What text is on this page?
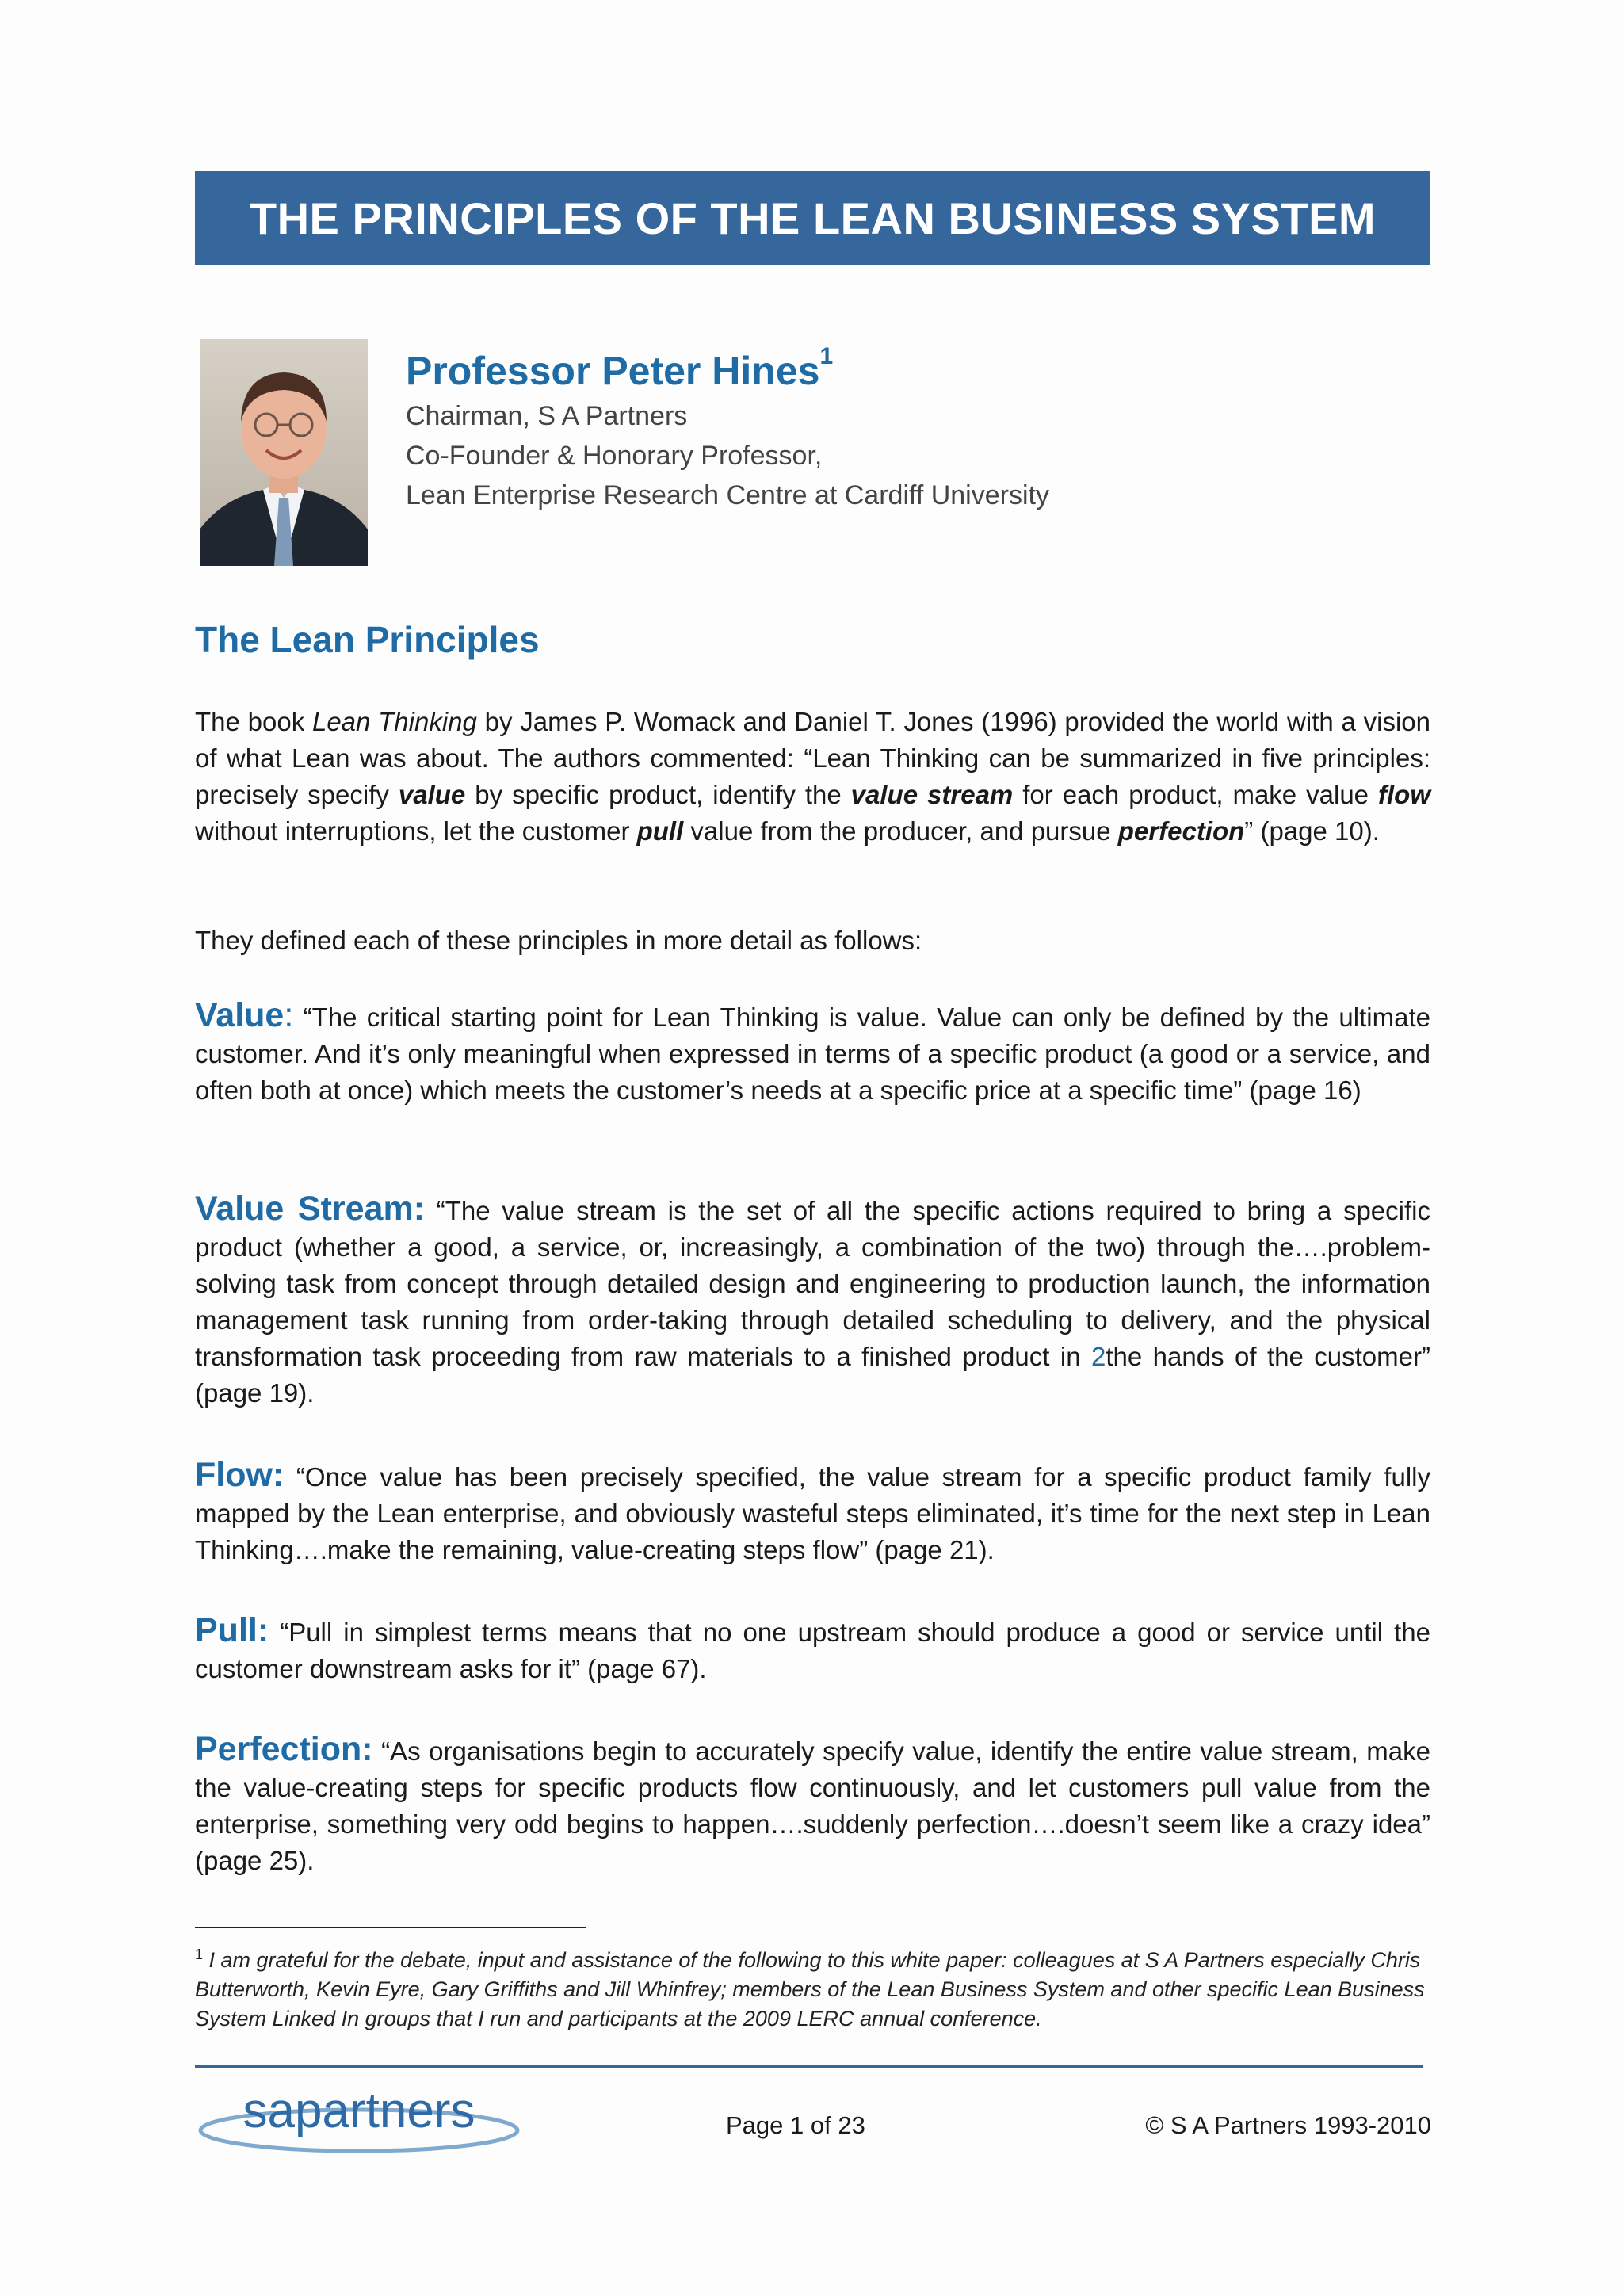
THE PRINCIPLES OF THE LEAN BUSINESS SYSTEM
Professor Peter Hines$^1$
Chairman, S A Partners
Co-Founder & Honorary Professor,
Lean Enterprise Research Centre at Cardiff University
The Lean Principles

The book Lean Thinking by James P. Womack and Daniel T. Jones (1996) provided the world with a vision of what Lean was about. The authors commented: “Lean Thinking can be summarized in five principles: precisely specify value by specific product, identify the value stream for each product, make value flow without interruptions, let the customer pull value from the producer, and pursue perfection” (page 10).

They defined each of these principles in more detail as follows:

Value: “The critical starting point for Lean Thinking is value. Value can only be defined by the ultimate customer. And it’s only meaningful when expressed in terms of a specific product (a good or a service, and often both at once) which meets the customer’s needs at a specific price at a specific time” (page 16)

Value Stream: “The value stream is the set of all the specific actions required to bring a specific product (whether a good, a service, or, increasingly, a combination of the two) through the….problem-solving task from concept through detailed design and engineering to production launch, the information management task running from order-taking through detailed scheduling to delivery, and the physical transformation task proceeding from raw materials to a finished product in 2the hands of the customer” (page 19).

Flow: “Once value has been precisely specified, the value stream for a specific product family fully mapped by the Lean enterprise, and obviously wasteful steps eliminated, it’s time for the next step in Lean Thinking….make the remaining, value-creating steps flow” (page 21).

Pull: “Pull in simplest terms means that no one upstream should produce a good or service until the customer downstream asks for it” (page 67).

Perfection: “As organisations begin to accurately specify value, identify the entire value stream, make the value-creating steps for specific products flow continuously, and let customers pull value from the enterprise, something very odd begins to happen….suddenly perfection….doesn’t seem like a crazy idea” (page 25).

$^1$ I am grateful for the debate, input and assistance of the following to this white paper: colleagues at S A Partners especially Chris Butterworth, Kevin Eyre, Gary Griffiths and Jill Whinfrey; members of the Lean Business System and other specific Lean Business System Linked In groups that I run and participants at the 2009 LERC annual conference.

sapartners	Page 1 of 23	© S A Partners 1993-2010
